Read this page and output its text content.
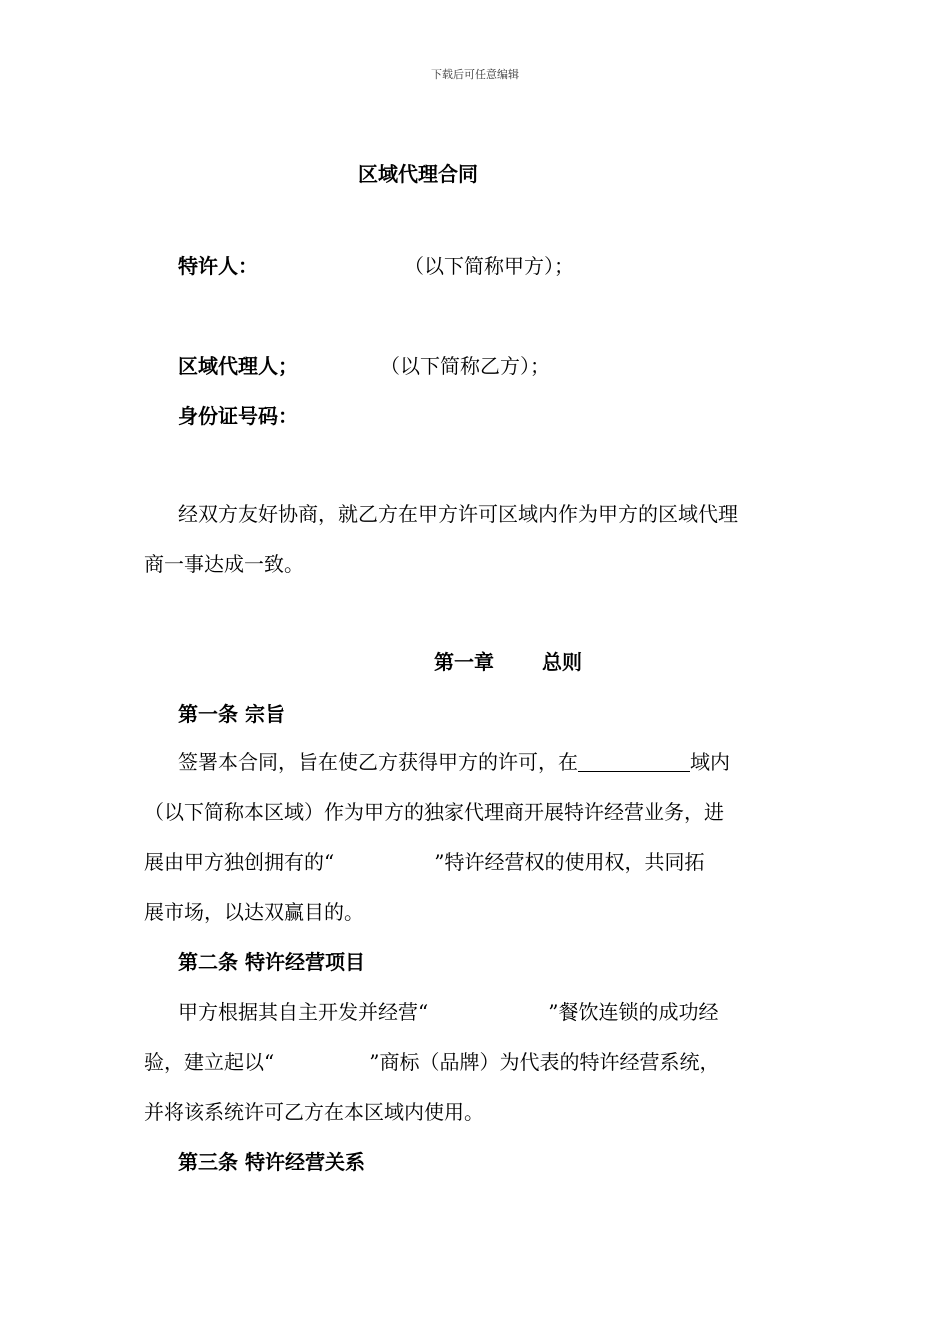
下载后可任意编辑
区域代理合同
特许人：	（以下简称甲方）；
区域代理人；	（以下简称乙方）；
身份证号码：
经双方友好协商，就乙方在甲方许可区域内作为甲方的区域代理
商一事达成一致。
第一章 总则
第一条 宗旨
签署本合同，旨在使乙方获得甲方的许可，在	域内
（以下简称本区域）作为甲方的独家代理商开展特许经营业务，进
展由甲方独创拥有的“	”特许经营权的使用权，共同拓
展市场，以达双赢目的。
第二条 特许经营项目
甲方根据其自主开发并经营“	”餐饮连锁的成功经
验，建立起以“	”商标（品牌）为代表的特许经营系统，
并将该系统许可乙方在本区域内使用。
第三条 特许经营关系
